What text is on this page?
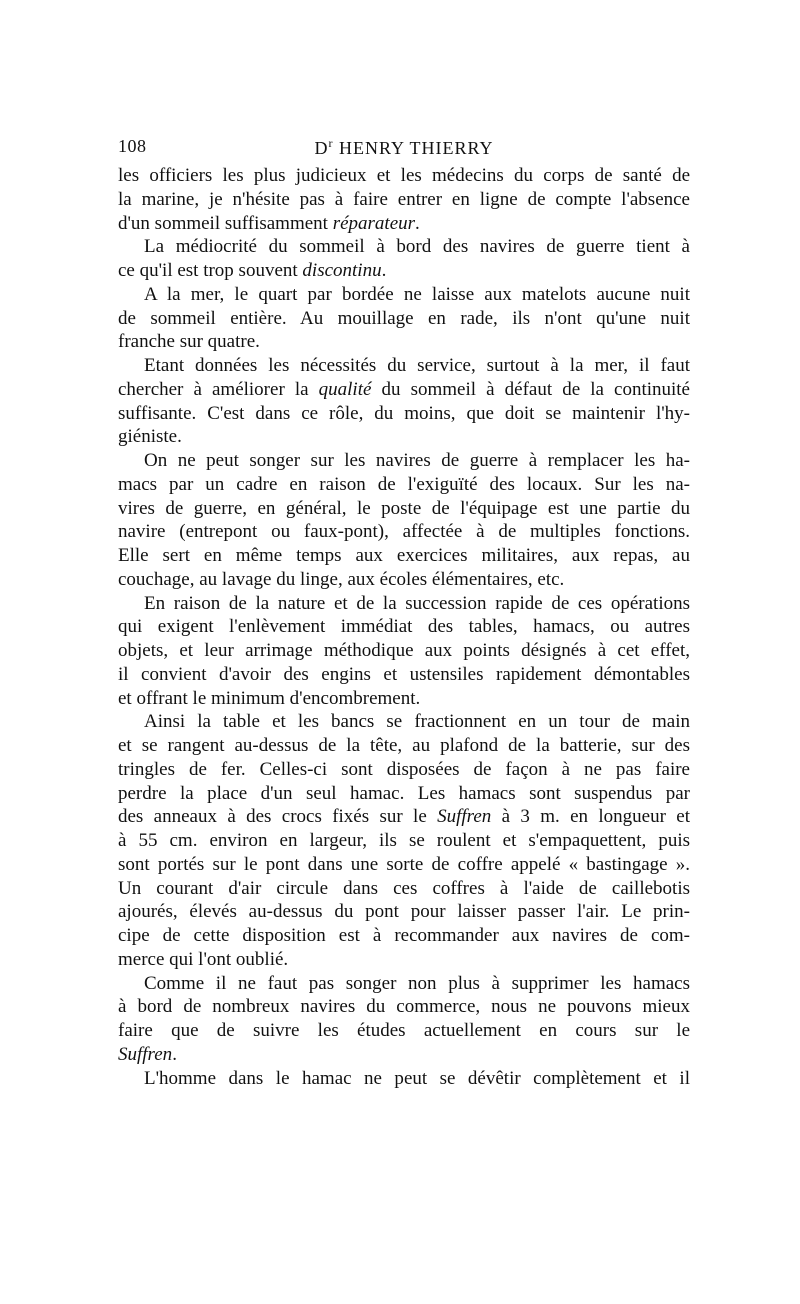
108	$D^r$ HENRY THIERRY
les officiers les plus judicieux et les médecins du corps de santé de
la marine, je n'hésite pas à faire entrer en ligne de compte l'absence
d'un sommeil suffisamment réparateur.
La médiocrité du sommeil à bord des navires de guerre tient à
ce qu'il est trop souvent discontinu.
A la mer, le quart par bordée ne laisse aux matelots aucune nuit
de sommeil entière. Au mouillage en rade, ils n'ont qu'une nuit
franche sur quatre.
Etant données les nécessités du service, surtout à la mer, il faut
chercher à améliorer la qualité du sommeil à défaut de la continuité
suffisante. C'est dans ce rôle, du moins, que doit se maintenir l'hy-
giéniste.
On ne peut songer sur les navires de guerre à remplacer les ha-
macs par un cadre en raison de l'exiguïté des locaux. Sur les na-
vires de guerre, en général, le poste de l'équipage est une partie du
navire (entrepont ou faux-pont), affectée à de multiples fonctions.
Elle sert en même temps aux exercices militaires, aux repas, au
couchage, au lavage du linge, aux écoles élémentaires, etc.
En raison de la nature et de la succession rapide de ces opérations
qui exigent l'enlèvement immédiat des tables, hamacs, ou autres
objets, et leur arrimage méthodique aux points désignés à cet effet,
il convient d'avoir des engins et ustensiles rapidement démontables
et offrant le minimum d'encombrement.
Ainsi la table et les bancs se fractionnent en un tour de main
et se rangent au-dessus de la tête, au plafond de la batterie, sur des
tringles de fer. Celles-ci sont disposées de façon à ne pas faire
perdre la place d'un seul hamac. Les hamacs sont suspendus par
des anneaux à des crocs fixés sur le Suffren à 3 m. en longueur et
à 55 cm. environ en largeur, ils se roulent et s'empaquettent, puis
sont portés sur le pont dans une sorte de coffre appelé « bastingage ».
Un courant d'air circule dans ces coffres à l'aide de caillebotis
ajourés, élevés au-dessus du pont pour laisser passer l'air. Le prin-
cipe de cette disposition est à recommander aux navires de com-
merce qui l'ont oublié.
Comme il ne faut pas songer non plus à supprimer les hamacs
à bord de nombreux navires du commerce, nous ne pouvons mieux
faire que de suivre les études actuellement en cours sur le
Suffren.
L'homme dans le hamac ne peut se dévêtir complètement et il
